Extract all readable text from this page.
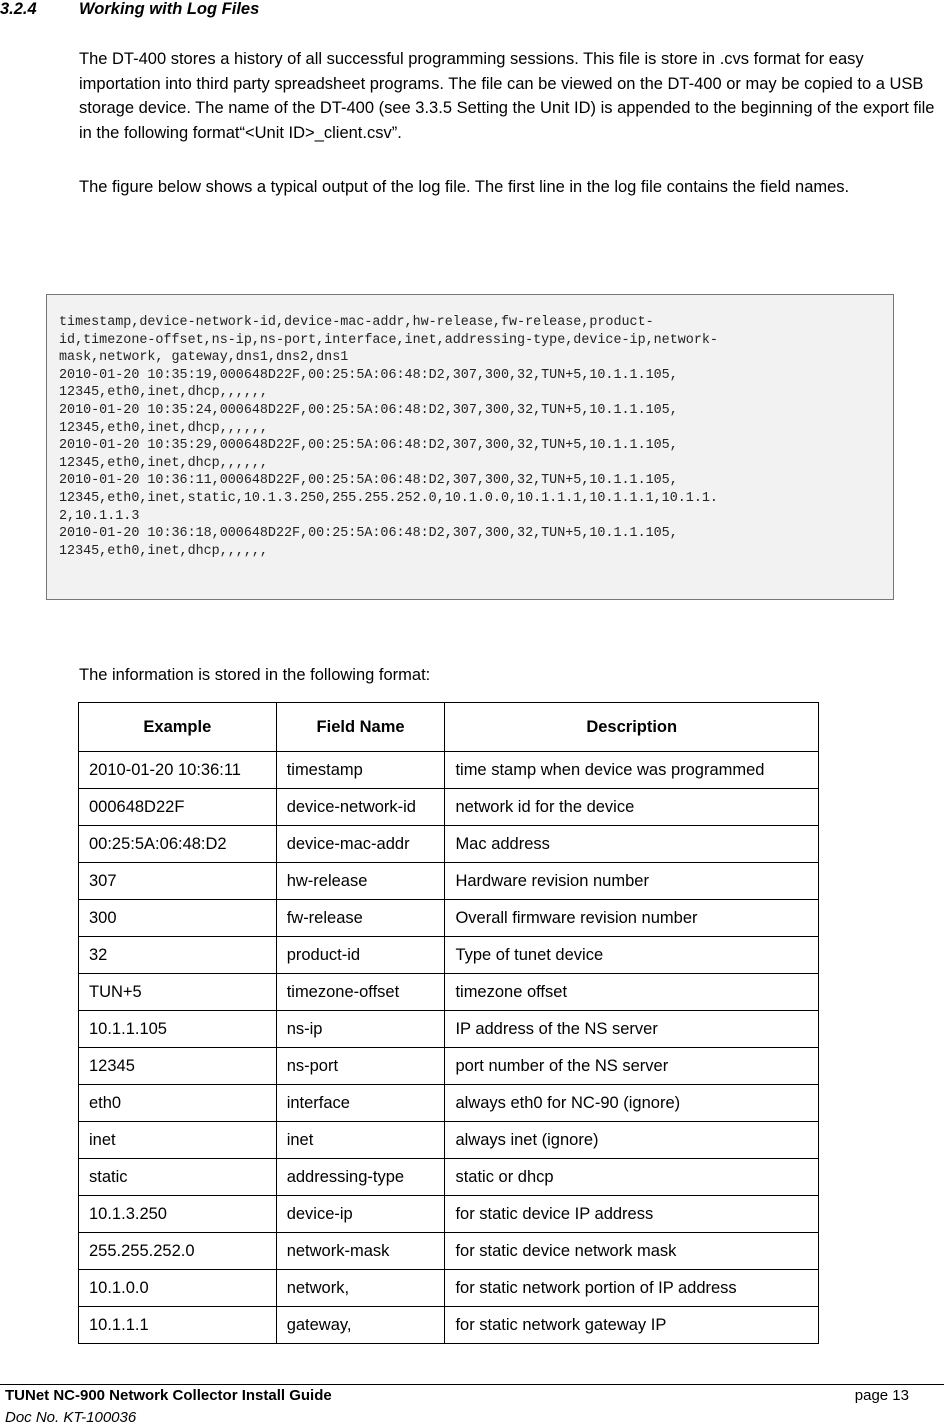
3.2.4	Working with Log Files
The DT-400 stores a history of all successful programming sessions. This file is store in .cvs format for easy importation into third party spreadsheet programs. The file can be viewed on the DT-400 or may be copied to a USB storage device. The name of the DT-400 (see 3.3.5 Setting the Unit ID) is appended to the beginning of the export file in the following format“<Unit ID>_client.csv”.
The figure below shows a typical output of the log file. The first line in the log file contains the field names.
timestamp,device-network-id,device-mac-addr,hw-release,fw-release,product-
id,timezone-offset,ns-ip,ns-port,interface,inet,addressing-type,device-ip,network-
mask,network, gateway,dns1,dns2,dns1
2010-01-20 10:35:19,000648D22F,00:25:5A:06:48:D2,307,300,32,TUN+5,10.1.1.105,
12345,eth0,inet,dhcp,,,,,,
2010-01-20 10:35:24,000648D22F,00:25:5A:06:48:D2,307,300,32,TUN+5,10.1.1.105,
12345,eth0,inet,dhcp,,,,,,
2010-01-20 10:35:29,000648D22F,00:25:5A:06:48:D2,307,300,32,TUN+5,10.1.1.105,
12345,eth0,inet,dhcp,,,,,,
2010-01-20 10:36:11,000648D22F,00:25:5A:06:48:D2,307,300,32,TUN+5,10.1.1.105,
12345,eth0,inet,static,10.1.3.250,255.255.252.0,10.1.0.0,10.1.1.1,10.1.1.1,10.1.1.
2,10.1.1.3
2010-01-20 10:36:18,000648D22F,00:25:5A:06:48:D2,307,300,32,TUN+5,10.1.1.105,
12345,eth0,inet,dhcp,,,,,,
The information is stored in the following format:
Example	Field Name	Description
2010-01-20 10:36:11	timestamp	time stamp when device was programmed
000648D22F	device-network-id	network id for the device
00:25:5A:06:48:D2	device-mac-addr	Mac address
307	hw-release	Hardware revision number
300	fw-release	Overall firmware revision number
32	product-id	Type of tunet device
TUN+5	timezone-offset	timezone offset
10.1.1.105	ns-ip	IP address of the NS server
12345	ns-port	port number of the NS server
eth0	interface	always eth0 for NC-90 (ignore)
inet	inet	always inet (ignore)
static	addressing-type	static or dhcp
10.1.3.250	device-ip	for static device IP address
255.255.252.0	network-mask	for static device network mask
10.1.0.0	network,	for static network portion of IP address
10.1.1.1	gateway,	for static network gateway IP
TUNet NC-900 Network Collector Install Guide	page 13
Doc No. KT-100036
